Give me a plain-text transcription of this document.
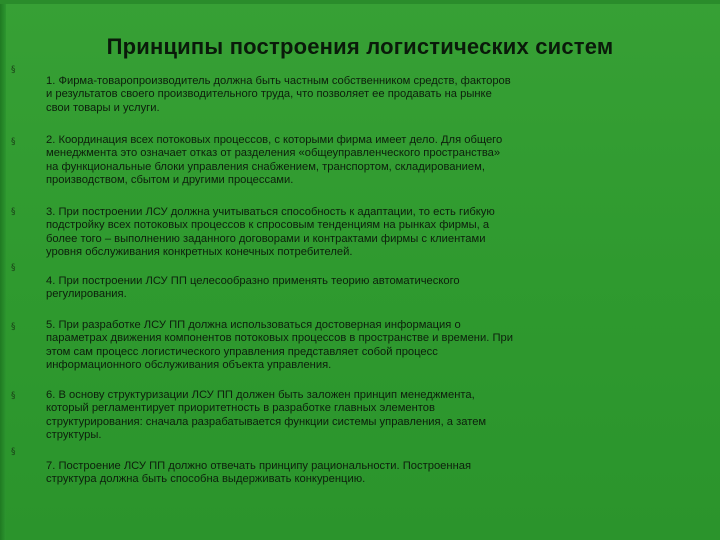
Принципы построения логистических систем
§
1. Фирма-товаропроизводитель должна быть частным собственником средств, факторов
и результатов своего производительного труда, что позволяет ее продавать на рынке
свои товары и услуги.
§	2. Координация всех потоковых процессов, с которыми фирма имеет дело. Для общего
менеджмента это означает отказ от разделения «общеуправленческого пространства»
на функциональные блоки управления снабжением, транспортом, складированием,
производством, сбытом и другими процессами.
§	3. При построении ЛСУ должна учитываться способность к адаптации, то есть гибкую
подстройку всех потоковых процессов к спросовым тенденциям на рынках фирмы, а
более того – выполнению заданного договорами и контрактами фирмы с клиентами
уровня обслуживания конкретных конечных потребителей.
§
4. При построении ЛСУ ПП целесообразно применять теорию автоматического
регулирования.
§	5. При разработке ЛСУ ПП должна использоваться достоверная информация о
параметрах движения компонентов потоковых процессов в пространстве и времени. При
этом сам процесс логистического управления представляет собой процесс
информационного обслуживания объекта управления.
§	6. В основу структуризации ЛСУ ПП должен быть заложен принцип менеджмента,
который регламентирует приоритетность в разработке главных элементов
структурирования: сначала разрабатывается функции системы управления, а затем
структуры.
§
7. Построение ЛСУ ПП должно отвечать принципу рациональности. Построенная
структура должна быть способна выдерживать конкуренцию.
